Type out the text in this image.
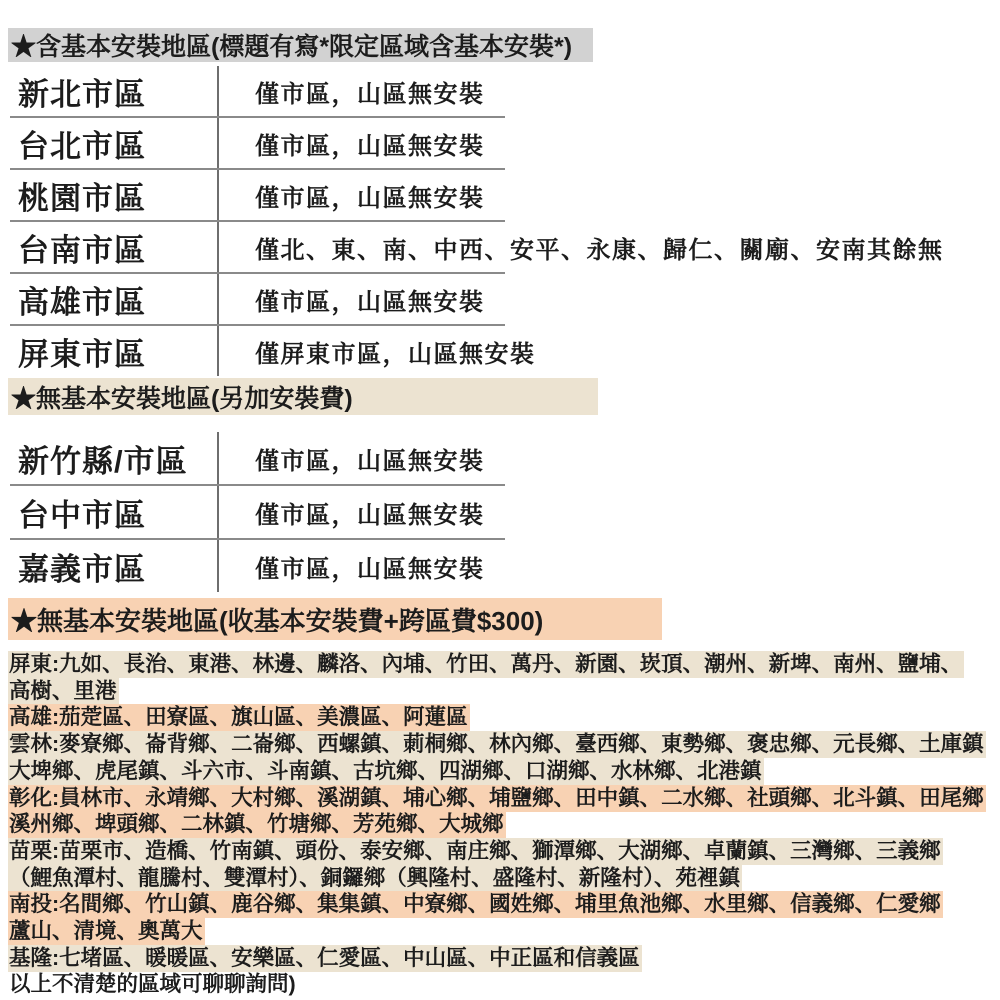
★含基本安裝地區(標題有寫*限定區域含基本安裝*)
新北市區	僅市區，山區無安裝
台北市區	僅市區，山區無安裝
桃園市區	僅市區，山區無安裝
台南市區	僅北、東、南、中西、安平、永康、歸仁、關廟、安南其餘無
高雄市區	僅市區，山區無安裝
屏東市區	僅屏東市區，山區無安裝
★無基本安裝地區(另加安裝費)
新竹縣/市區	僅市區，山區無安裝
台中市區	僅市區，山區無安裝
嘉義市區	僅市區，山區無安裝
★無基本安裝地區(收基本安裝費+跨區費$300)
屏東:九如、長治、東港、林邊、麟洛、內埔、竹田、萬丹、新園、崁頂、潮州、新埤、南州、鹽埔、
高樹、里港
高雄:茄萣區、田寮區、旗山區、美濃區、阿蓮區
雲林:麥寮鄉、崙背鄉、二崙鄉、西螺鎮、莿桐鄉、林內鄉、臺西鄉、東勢鄉、褒忠鄉、元長鄉、土庫鎮
大埤鄉、虎尾鎮、斗六市、斗南鎮、古坑鄉、四湖鄉、口湖鄉、水林鄉、北港鎮
彰化:員林市、永靖鄉、大村鄉、溪湖鎮、埔心鄉、埔鹽鄉、田中鎮、二水鄉、社頭鄉、北斗鎮、田尾鄉
溪州鄉、埤頭鄉、二林鎮、竹塘鄉、芳苑鄉、大城鄉
苗栗:苗栗市、造橋、竹南鎮、頭份、泰安鄉、南庄鄉、獅潭鄉、大湖鄉、卓蘭鎮、三灣鄉、三義鄉
（鯉魚潭村、龍騰村、雙潭村）、銅鑼鄉（興隆村、盛隆村、新隆村）、苑裡鎮
南投:名間鄉、竹山鎮、鹿谷鄉、集集鎮、中寮鄉、國姓鄉、埔里魚池鄉、水里鄉、信義鄉、仁愛鄉
蘆山、清境、奧萬大
基隆:七堵區、暖暖區、安樂區、仁愛區、中山區、中正區和信義區
以上不清楚的區域可聊聊詢問)
